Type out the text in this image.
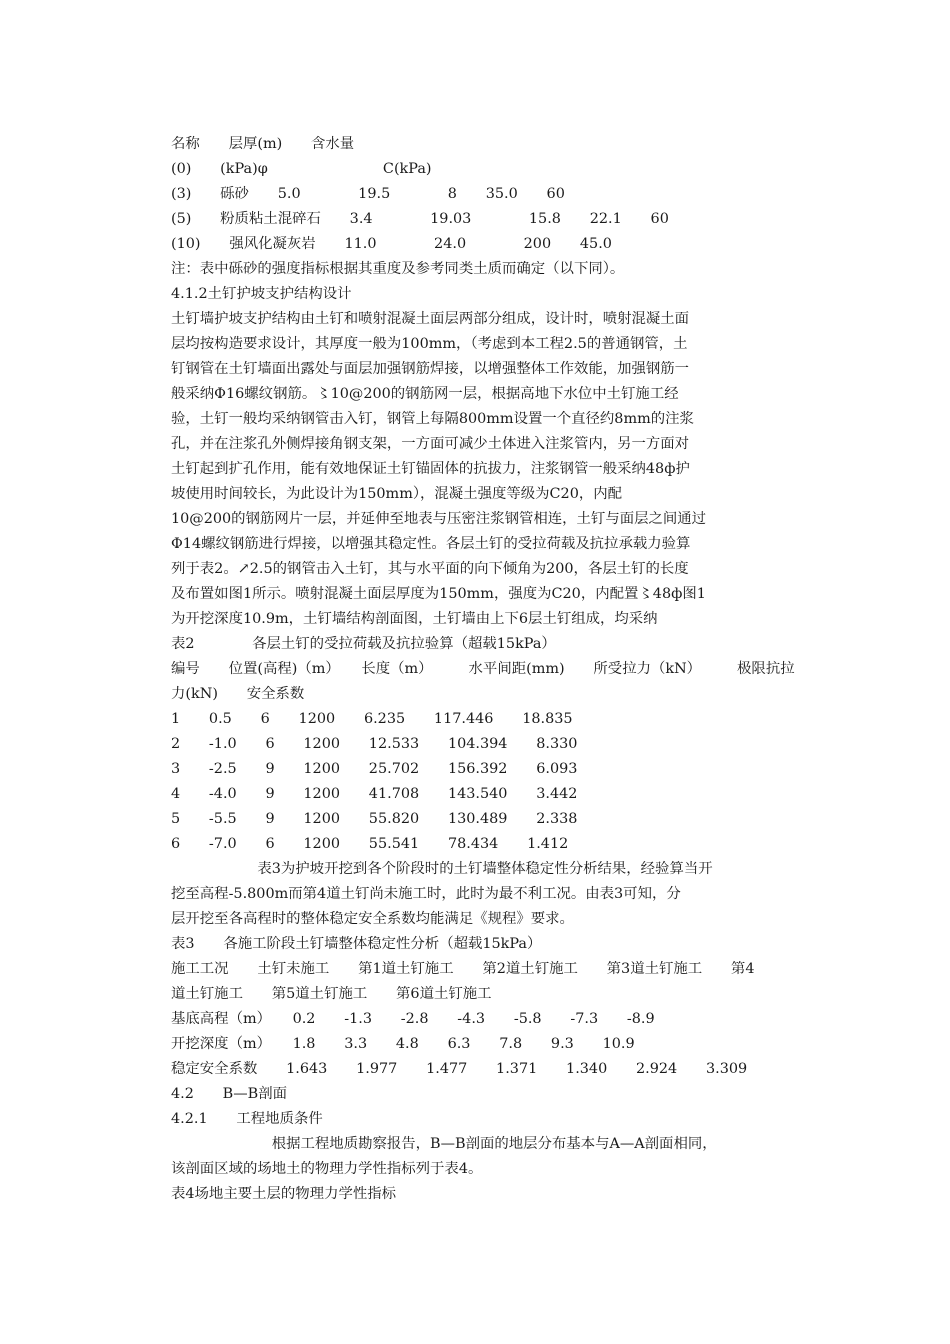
名称　　层厚(m)　　含水量
(0)　　(kPa)φ　　　　　　　　C(kPa)
(3)　　砾砂　　5.0　　　　19.5　　　　8　　35.0　　60
(5)　　粉质粘土混碎石　　3.4　　　　19.03　　　　15.8　　22.1　　60
(10)　　强风化凝灰岩　　11.0　　　　24.0　　　　200　　45.0
注：表中砾砂的强度指标根据其重度及参考同类土质而确定（以下同）。
4.1.2土钉护坡支护结构设计
土钉墙护坡支护结构由土钉和喷射混凝土面层两部分组成，设计时，喷射混凝土面
层均按构造要求设计，其厚度一般为100mm，（考虑到本工程2.5的普通钢管，土
钉钢管在土钉墙面出露处与面层加强钢筋焊接，以增强整体工作效能，加强钢筋一
般采纳Φ16螺纹钢筋。〻10@200的钢筋网一层，根据高地下水位中土钉施工经
验，土钉一般均采纳钢管击入钉，钢管上每隔800mm设置一个直径约8mm的注浆
孔，并在注浆孔外侧焊接角钢支架，一方面可减少土体进入注浆管内，另一方面对
土钉起到扩孔作用，能有效地保证土钉锚固体的抗拔力，注浆钢管一般采纳48ф护
坡使用时间较长，为此设计为150mm），混凝土强度等级为C20，内配
10@200的钢筋网片一层，并延伸至地表与压密注浆钢管相连，土钉与面层之间通过
Φ14螺纹钢筋进行焊接，以增强其稳定性。各层土钉的受拉荷载及抗拉承载力验算
列于表2。↗2.5的钢管击入土钉，其与水平面的向下倾角为200，各层土钉的长度
及布置如图1所示。喷射混凝土面层厚度为150mm，强度为C20，内配置〻48ф图1
为开挖深度10.9m，土钉墙结构剖面图，土钉墙由上下6层土钉组成，均采纳
表2　　　　各层土钉的受拉荷载及抗拉验算（超载15kPa）
编号　　位置(高程)（m）　　长度（m）　　　水平间距(mm)　　所受拉力（kN）　　　极限抗拉
力(kN)　　安全系数
1　　0.5　　6　　1200　　6.235　　117.446　　18.835
2　　-1.0　　6　　1200　　12.533　　104.394　　8.330
3　　-2.5　　9　　1200　　25.702　　156.392　　6.093
4　　-4.0　　9　　1200　　41.708　　143.540　　3.442
5　　-5.5　　9　　1200　　55.820　　130.489　　2.338
6　　-7.0　　6　　1200　　55.541　　78.434　　1.412
　　　　　　表3为护坡开挖到各个阶段时的土钉墙整体稳定性分析结果，经验算当开
挖至高程-5.800m而第4道土钉尚未施工时，此时为最不利工况。由表3可知，分
层开挖至各高程时的整体稳定安全系数均能满足《规程》要求。
表3　　各施工阶段土钉墙整体稳定性分析（超载15kPa）
施工工况　　土钉未施工　　第1道土钉施工　　第2道土钉施工　　第3道土钉施工　　第4
道土钉施工　　第5道土钉施工　　第6道土钉施工
基底高程（m）　　0.2　　-1.3　　-2.8　　-4.3　　-5.8　　-7.3　　-8.9
开挖深度（m）　　1.8　　3.3　　4.8　　6.3　　7.8　　9.3　　10.9
稳定安全系数　　1.643　　1.977　　1.477　　1.371　　1.340　　2.924　　3.309
4.2　　B—B剖面
4.2.1　　工程地质条件
　　　　　　　根据工程地质勘察报告，B—B剖面的地层分布基本与A—A剖面相同，
该剖面区域的场地土的物理力学性指标列于表4。
表4场地主要土层的物理力学性指标
